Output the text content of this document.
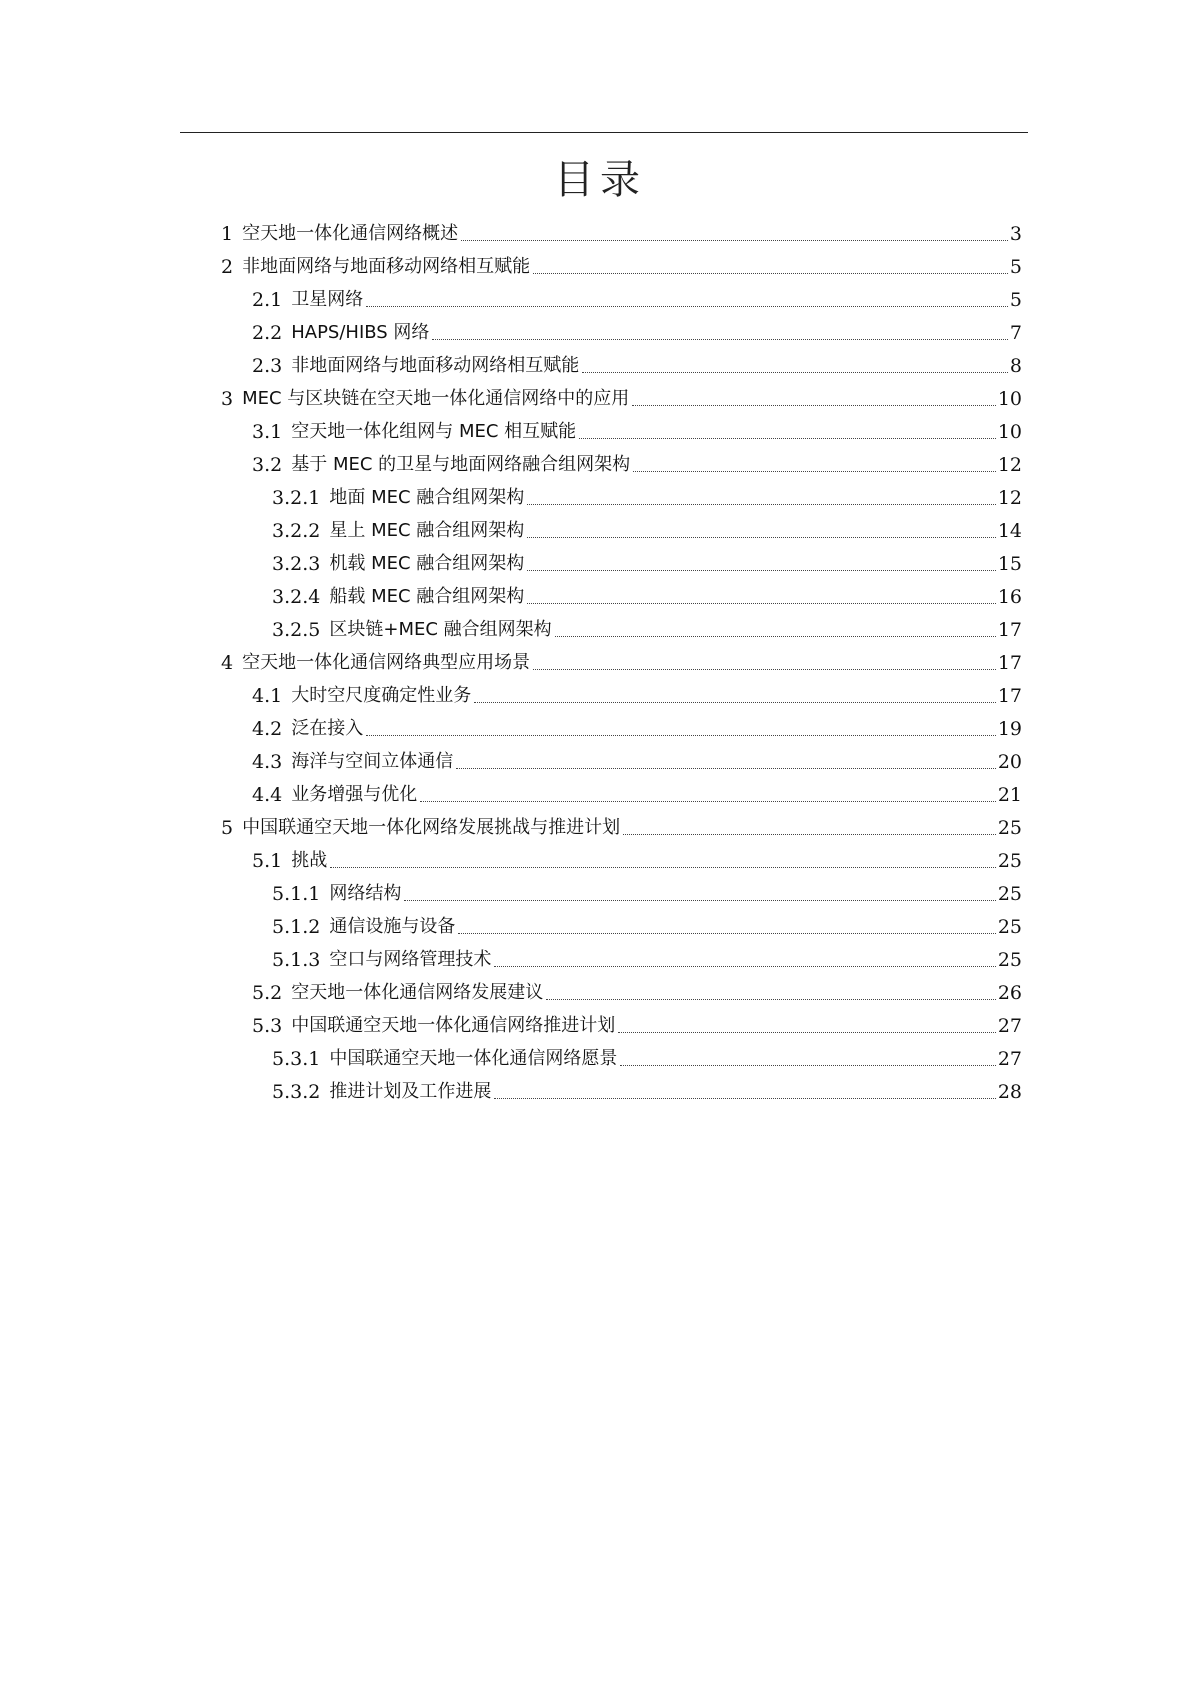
目录
1 空天地一体化通信网络概述	3
2 非地面网络与地面移动网络相互赋能	5
2.1 卫星网络	5
2.2 HAPS/HIBS 网络	7
2.3 非地面网络与地面移动网络相互赋能	8
3 MEC 与区块链在空天地一体化通信网络中的应用	10
3.1 空天地一体化组网与 MEC 相互赋能	10
3.2 基于 MEC 的卫星与地面网络融合组网架构	12
3.2.1 地面 MEC 融合组网架构	12
3.2.2 星上 MEC 融合组网架构	14
3.2.3 机载 MEC 融合组网架构	15
3.2.4 船载 MEC 融合组网架构	16
3.2.5 区块链+MEC 融合组网架构	17
4 空天地一体化通信网络典型应用场景	17
4.1 大时空尺度确定性业务	17
4.2 泛在接入	19
4.3 海洋与空间立体通信	20
4.4 业务增强与优化	21
5 中国联通空天地一体化网络发展挑战与推进计划	25
5.1 挑战	25
5.1.1 网络结构	25
5.1.2 通信设施与设备	25
5.1.3 空口与网络管理技术	25
5.2 空天地一体化通信网络发展建议	26
5.3 中国联通空天地一体化通信网络推进计划	27
5.3.1 中国联通空天地一体化通信网络愿景	27
5.3.2 推进计划及工作进展	28
